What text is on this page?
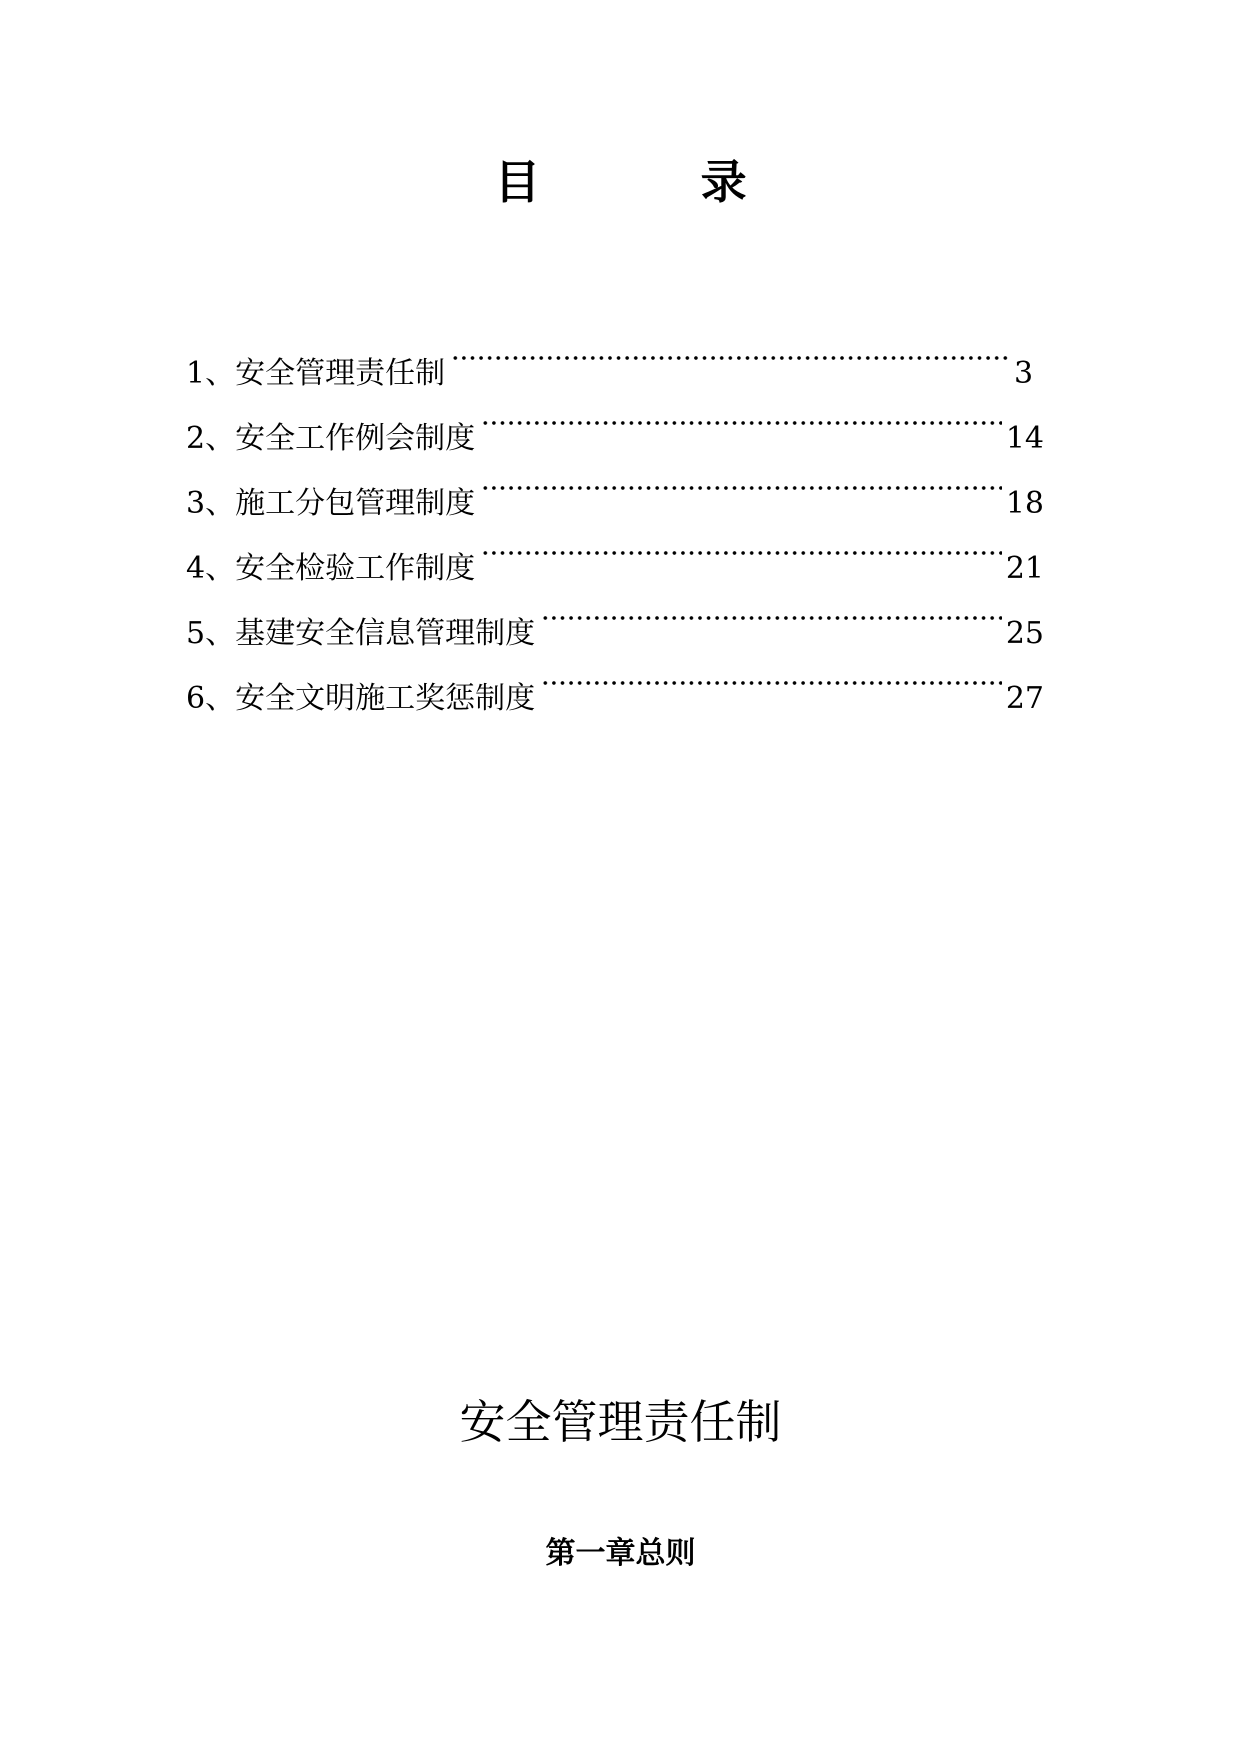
目          录
1、 安全管理责任制	3
2、 安全工作例会制度	14
3、 施工分包管理制度	18
4、 安全检验工作制度	21
5、 基建安全信息管理制度	25
6、 安全文明施工奖惩制度	27
安全管理责任制
第一章总则
